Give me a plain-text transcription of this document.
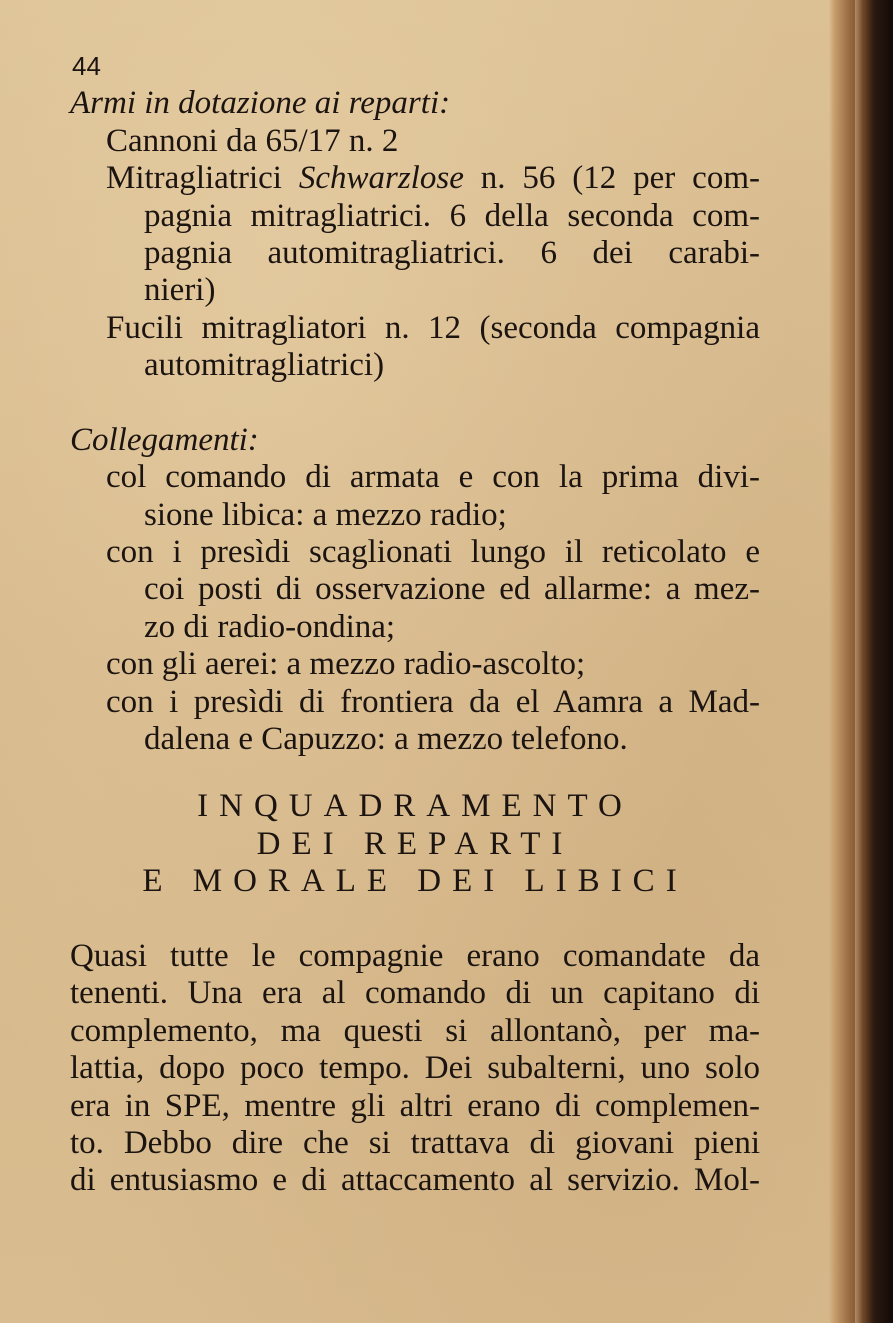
44
Armi in dotazione ai reparti:
Cannoni da 65/17 n. 2
Mitragliatrici Schwarzlose n. 56 (12 per com-
pagnia mitragliatrici. 6 della seconda com-
pagnia automitragliatrici. 6 dei carabi-
nieri)
Fucili mitragliatori n. 12 (seconda compagnia
automitragliatrici)
Collegamenti:
col comando di armata e con la prima divi-
sione libica: a mezzo radio;
con i presìdi scaglionati lungo il reticolato e
coi posti di osservazione ed allarme: a mez-
zo di radio-ondina;
con gli aerei: a mezzo radio-ascolto;
con i presìdi di frontiera da el Aamra a Mad-
dalena e Capuzzo: a mezzo telefono.
INQUADRAMENTO
DEI REPARTI
E MORALE DEI LIBICI
Quasi tutte le compagnie erano comandate da
tenenti. Una era al comando di un capitano di
complemento, ma questi si allontanò, per ma-
lattia, dopo poco tempo. Dei subalterni, uno solo
era in SPE, mentre gli altri erano di complemen-
to. Debbo dire che si trattava di giovani pieni
di entusiasmo e di attaccamento al servizio. Mol-
